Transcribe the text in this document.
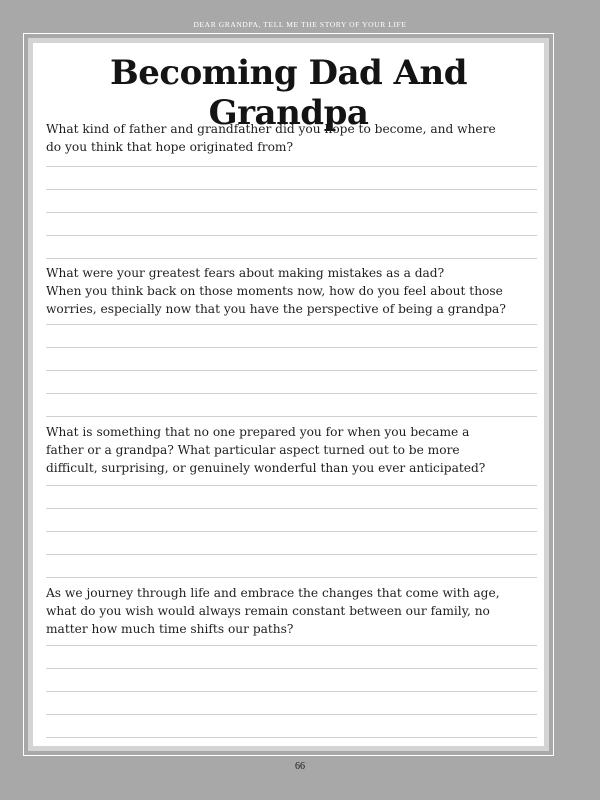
DEAR GRANDPA, TELL ME THE STORY OF YOUR LIFE
Becoming Dad And Grandpa

What kind of father and grandfather did you hope to become, and where

do you think that hope originated from?

What were your greatest fears about making mistakes as a dad?

When you think back on those moments now, how do you feel about those

worries, especially now that you have the perspective of being a grandpa?

What is something that no one prepared you for when you became a

father or a grandpa? What particular aspect turned out to be more

difficult, surprising, or genuinely wonderful than you ever anticipated?

As we journey through life and embrace the changes that come with age,

what do you wish would always remain constant between our family, no

matter how much time shifts our paths?

66
